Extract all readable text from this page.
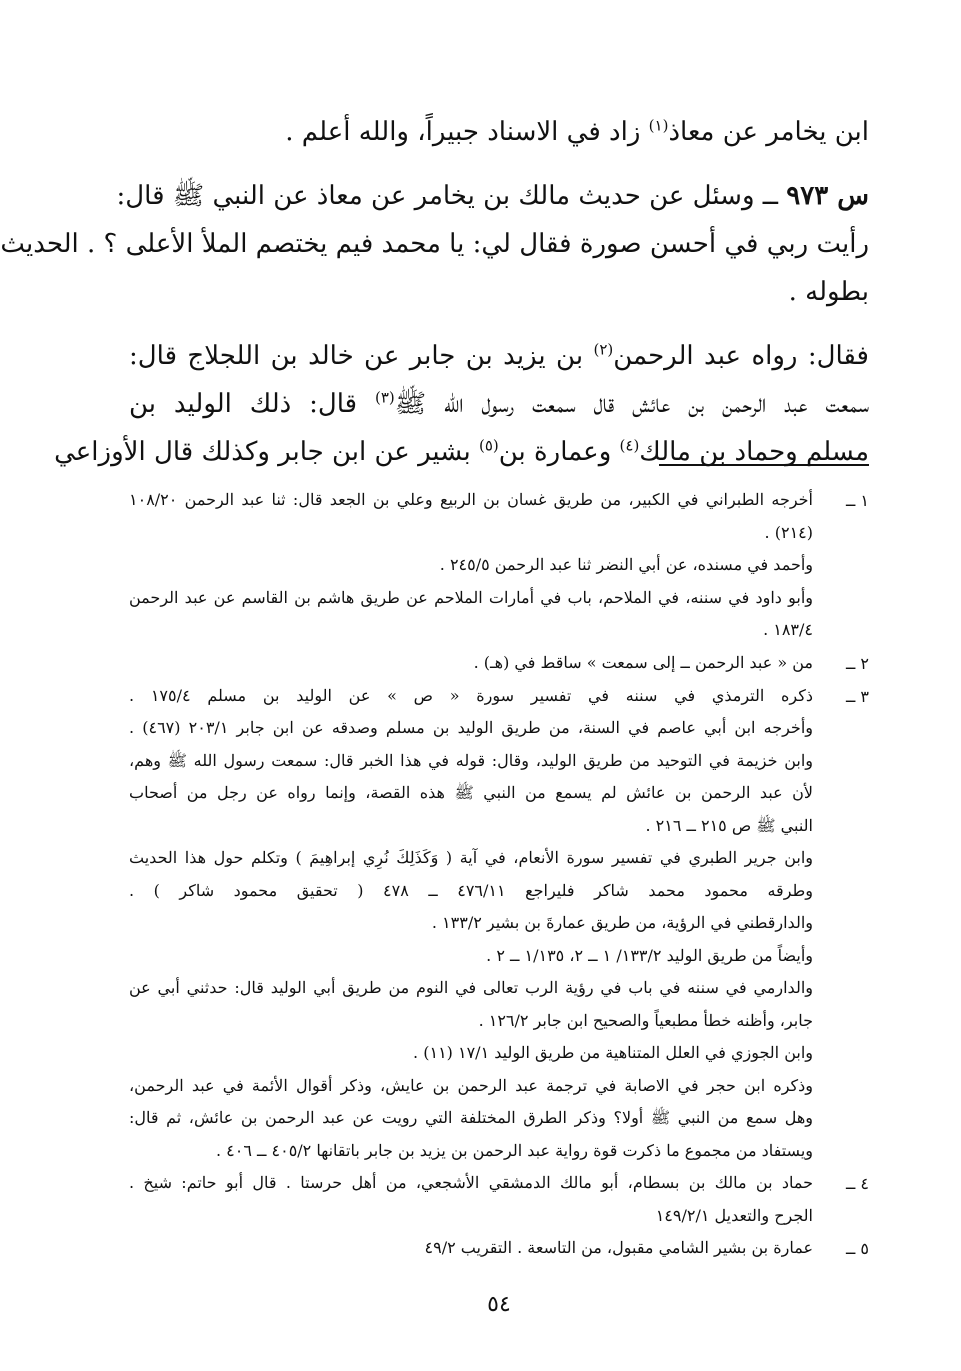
ابن يخامر عن معاذ$^{(١)}$ زاد في الاسناد جبيراً، والله أعلم .
س ٩٧٣ ــ وسئل عن حديث مالك بن يخامر عن معاذ عن النبي ﷺ قال:
رأيت ربي في أحسن صورة فقال لي: يا محمد فيم يختصم الملأ الأعلى ؟ . الحديث
بطوله .
فقال: رواه عبد الرحمن$^{(٢)}$ بن يزيد بن جابر عن خالد بن اللجلاج قال:
سمعت عبد الرحمن بن عائش قال سمعت رسول الله ﷺ$^{(٣)}$ قال: ذلك الوليد بن
مسلم وحماد بن مالك$^{(٤)}$ وعمارة بن$^{(٥)}$ بشير عن ابن جابر وكذلك قال الأوزاعي
١ ــ
أخرجه الطبراني في الكبير، من طريق غسان بن الربيع وعلي بن الجعد قال: ثنا عبد الرحمن ١٠٨/٢٠
(٢١٤) .
وأحمد في مسنده، عن أبي النضر ثنا عبد الرحمن ٢٤٥/٥ .
وأبو داود في سننه، في الملاحم، باب في أمارات الملاحم عن طريق هاشم بن القاسم عن عبد الرحمن
١٨٣/٤ .
٢ ــ
من « عبد الرحمن ــ إلى سمعت » ساقط في (هـ) .
٣ ــ
ذكره الترمذي في سننه في تفسير سورة « ص » عن الوليد بن مسلم ١٧٥/٤ .
وأخرجه ابن أبي عاصم في السنة، من طريق الوليد بن مسلم وصدقه عن ابن جابر ٢٠٣/١ (٤٦٧) .
وابن خزيمة في التوحيد من طريق الوليد، وقال: قوله في هذا الخبر قال: سمعت رسول الله ﷺ وهم،
لأن عبد الرحمن بن عائش لم يسمع من النبي ﷺ هذه القصة، وإنما رواه عن رجل من أصحاب
النبي ﷺ ص ٢١٥ ــ ٢١٦ .
وابن جرير الطبري في تفسير سورة الأنعام، في آية ( وَكَذَلِكَ نُرِي إبراهِيمَ ) وتكلم حول هذا الحديث
وطرقه محمود محمد شاكر فليراجع ٤٧٦/١١ ــ ٤٧٨ ( تحقيق محمود شاكر ) .
والدارقطني في الرؤية، من طريق عمارةَ بن بشير ١٣٣/٢ .
وأيضاً من طريق الوليد ١٣٣/٢/ ١ ــ ٢، ١/١٣٥ ــ ٢ .
والدارمي في سننه في باب في رؤية الرب تعالى في النوم من طريق أبي الوليد قال: حدثني أبي عن
جابر، وأظنه خطأ مطبعياً والصحيح ابن جابر ١٢٦/٢ .
وابن الجوزي في العلل المتناهية من طريق الوليد ١٧/١ (١١) .
وذكره ابن حجر في الاصابة في ترجمة عبد الرحمن بن عايش، وذكر أقوال الأئمة في عبد الرحمن،
وهل سمع من النبي ﷺ أولا؟ وذكر الطرق المختلفة التي رويت عن عبد الرحمن بن عائش، ثم قال:
ويستفاد من مجموع ما ذكرت قوة رواية عبد الرحمن بن يزيد بن جابر باتقانها ٤٠٥/٢ ــ ٤٠٦ .
٤ ــ
حماد بن مالك بن بسطام، أبو مالك الدمشقي الأشجعي، من أهل حرستا . قال أبو حاتم: شيخ .
الجرح والتعديل ١٤٩/٢/١
٥ ــ
عمارة بن بشير الشامي مقبول، من التاسعة . التقريب ٤٩/٢
٥٤
